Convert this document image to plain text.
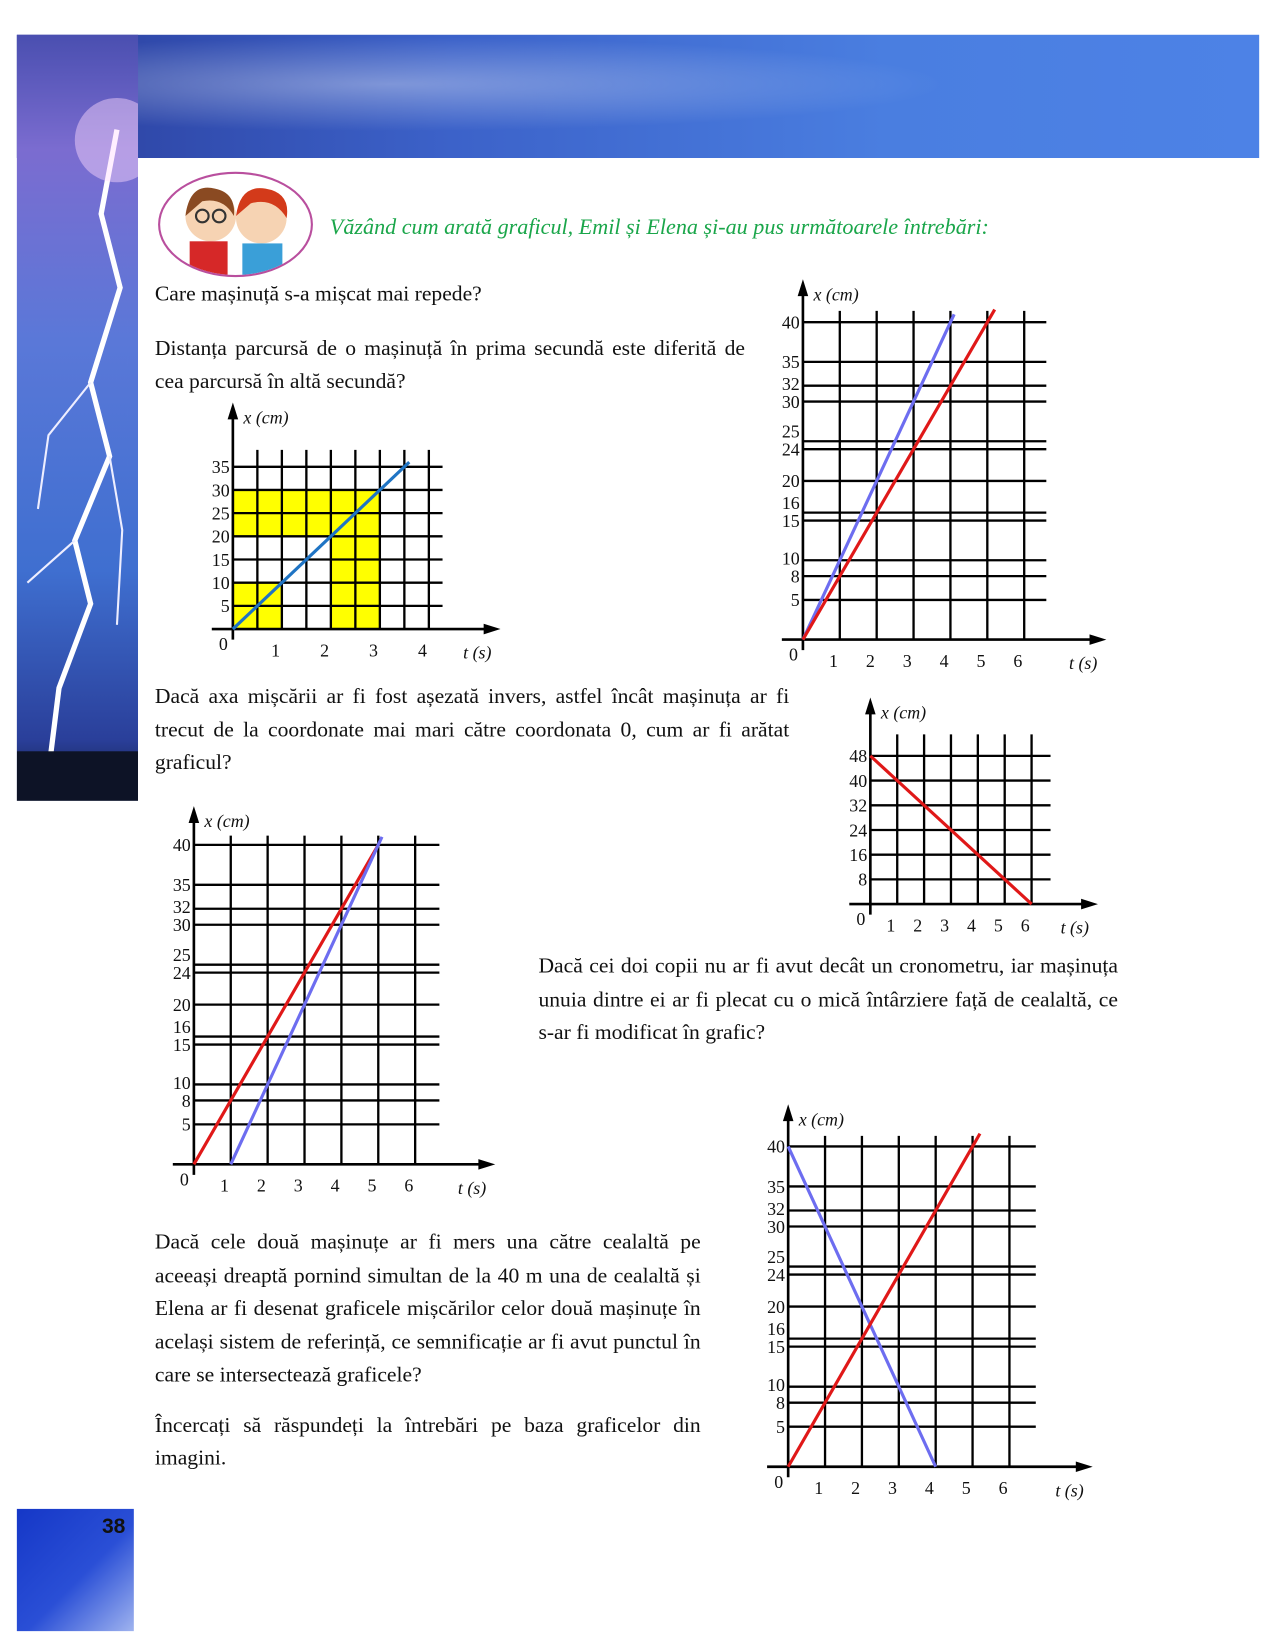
Văzând cum arată graficul, Emil și Elena și-au pus următoarele întrebări:

Care mașinuță s-a mișcat mai repede?

Distanța parcursă de o mașinuță în prima secundă este diferită de cea parcursă în altă secundă?

Dacă axa mișcării ar fi fost așezată invers, astfel încât mașinuța ar fi trecut de la coordonate mai mari către coordonata 0, cum ar fi arătat graficul?

Dacă cei doi copii nu ar fi avut decât un cronometru, iar mașinuța unuia dintre ei ar fi plecat cu o mică întârziere față de cealaltă, ce s-ar fi modificat în grafic?

Dacă cele două mașinuțe ar fi mers una către cealaltă pe aceeași dreaptă pornind simultan de la 40 m una de cealaltă și Elena ar fi desenat graficele mișcărilor celor două mașinuțe în același sistem de referință, ce semnificație ar fi avut punctul în care se intersectează graficele?

Încercați să răspundeți la întrebări pe baza graficelor din imagini.

38
5
10
15
20
25
30
35
1 2 3 4
0	t (s)
x (cm)
5
8
10
15
16
20
24
25
30
32
35
40
1 2 3 4 5 6
0	t (s)
x (cm)
8
16
24
32
40
48
1 2 3 4 5 6
0	t (s)
x (cm)
5
8
10
15
16
20
24
25
30
32
35
40
1 2 3 4 5 6
0	t (s)
x (cm)
5
8
10
15
16
20
24
25
30
32
35
40
1 2 3 4 5 6
0	t (s)
x (cm)
